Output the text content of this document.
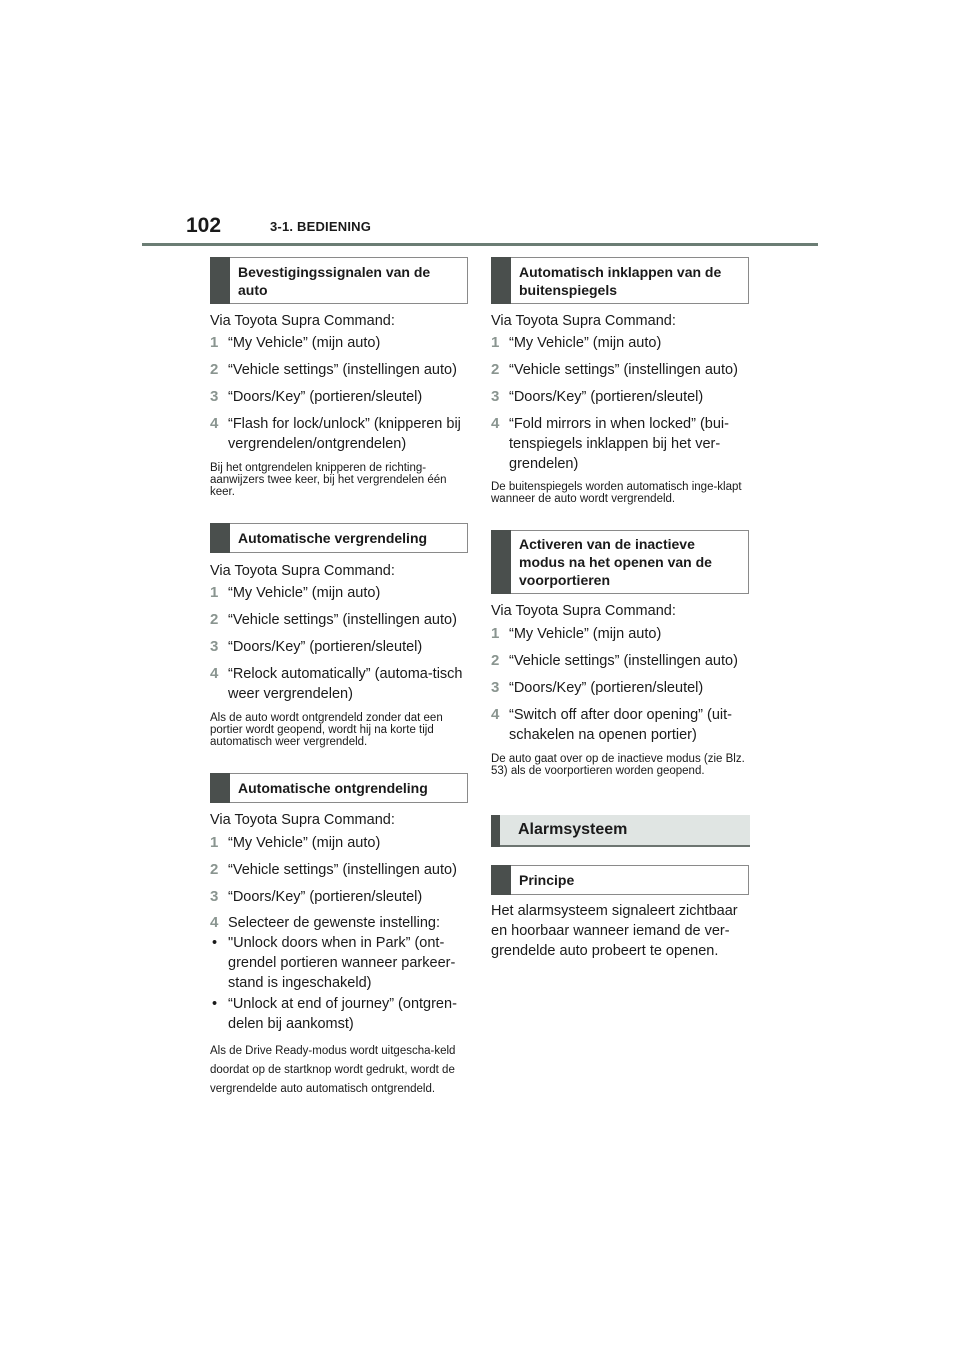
102	3-1. BEDIENING
Bevestigingssignalen van de auto
Via Toyota Supra Command:
1 “My Vehicle” (mijn auto)
2 “Vehicle settings” (instellingen auto)
3 “Doors/Key” (portieren/sleutel)
4 “Flash for lock/unlock” (knipperen bij vergrendelen/ontgrendelen)
Bij het ontgrendelen knipperen de richting-aanwijzers twee keer, bij het vergrendelen één keer.
Automatische vergrendeling
Via Toyota Supra Command:
1 “My Vehicle” (mijn auto)
2 “Vehicle settings” (instellingen auto)
3 “Doors/Key” (portieren/sleutel)
4 “Relock automatically” (automa-tisch weer vergrendelen)
Als de auto wordt ontgrendeld zonder dat een portier wordt geopend, wordt hij na korte tijd automatisch weer vergrendeld.
Automatische ontgrendeling
Via Toyota Supra Command:
1 “My Vehicle” (mijn auto)
2 “Vehicle settings” (instellingen auto)
3 “Doors/Key” (portieren/sleutel)
4 Selecteer de gewenste instelling:
• "Unlock doors when in Park” (ont-grendel portieren wanneer parkeer-stand is ingeschakeld)
• “Unlock at end of journey” (ontgren-delen bij aankomst)
Als de Drive Ready-modus wordt uitgescha-keld doordat op de startknop wordt gedrukt, wordt de vergrendelde auto automatisch ontgrendeld.
Automatisch inklappen van de buitenspiegels
Via Toyota Supra Command:
1 “My Vehicle” (mijn auto)
2 “Vehicle settings” (instellingen auto)
3 “Doors/Key” (portieren/sleutel)
4 “Fold mirrors in when locked” (bui-tenspiegels inklappen bij het ver-grendelen)
De buitenspiegels worden automatisch inge-klapt wanneer de auto wordt vergrendeld.
Activeren van de inactieve modus na het openen van de voorportieren
Via Toyota Supra Command:
1 “My Vehicle” (mijn auto)
2 “Vehicle settings” (instellingen auto)
3 “Doors/Key” (portieren/sleutel)
4 “Switch off after door opening” (uit-schakelen na openen portier)
De auto gaat over op de inactieve modus (zie Blz. 53) als de voorportieren worden geopend.
Alarmsysteem
Principe
Het alarmsysteem signaleert zichtbaar en hoorbaar wanneer iemand de ver-grendelde auto probeert te openen.
